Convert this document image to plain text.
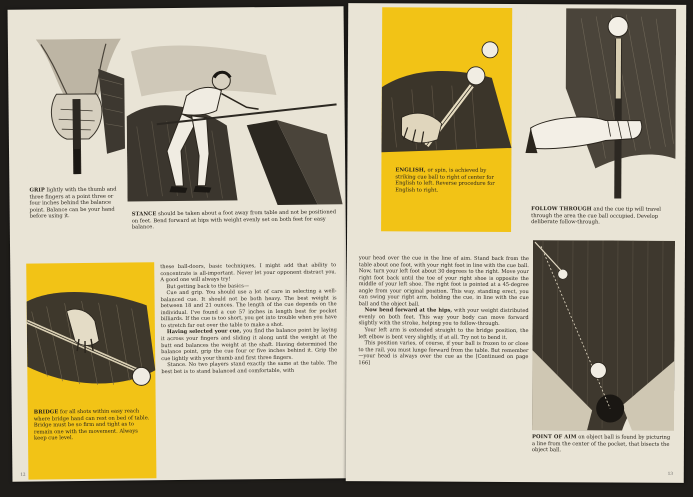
GRIP lightly with the thumb and three fingers at a point three or four inches behind the balance point. Balance can be your hand before using it.	STANCE should be taken about a foot away from table and not be positioned on feet. Bend forward at hips with weight evenly set on both feet for easy balance.
BRIDGE for all shots within easy reach where bridge hand can rest on bed of table. Bridge must be so firm and tight as to remain one with the movement. Always keep cue level.

these ball-doors, basic techniques, I might add that ability to concentrate is all-important. Never let your opponent distract you. A good one will always try!

But getting back to the basics—

Cue and grip. You should use a lot of care in selecting a well-balanced cue. It should not be both heavy. The best weight is between 18 and 21 ounces. The length of the cue depends on the individual. I've found a cue 57 inches in length best for pocket billiards. If the cue is too short, you get into trouble when you have to stretch far out over the table to make a shot.

Having selected your cue, you find the balance point by laying it across your fingers and sliding it along until the weight at the butt end balances the weight at the shaft. Having determined the balance point, grip the cue four or five inches behind it. Grip the cue lightly with your thumb and first three fingers.

Stance. No two players stand exactly the same at the table. The best bet is to stand balanced and comfortable, with

12
ENGLISH, or spin, is achieved by striking cue ball to right of center for English to left. Reverse procedure for English to right.
FOLLOW THROUGH and the cue tip will travel through the area the cue ball occupied. Develop deliberate follow-through.

your head over the cue in the line of aim. Stand back from the table about one foot, with your right foot in line with the cue ball. Now, turn your left foot about 30 degrees to the right. Move your right foot back until the toe of your right shoe is opposite the middle of your left shoe. The right foot is pointed at a 45-degree angle from your original position. This way, standing erect, you can swing your right arm, holding the cue, in line with the cue ball and the object ball.

Now bend forward at the hips, with your weight distributed evenly on both feet. This way your body can move forward slightly with the stroke, helping you to follow-through.

Your left arm is extended straight to the bridge position, the left elbow is bent very slightly, if at all. Try not to bend it.

This position varies, of course, if your ball is frozen to or close to the rail, you must lunge forward from the table. But remember—your head is always over the cue as the [Continued on page 166]

POINT OF AIM on object ball is found by picturing a line from the center of the pocket, that bisects the object ball.
13
